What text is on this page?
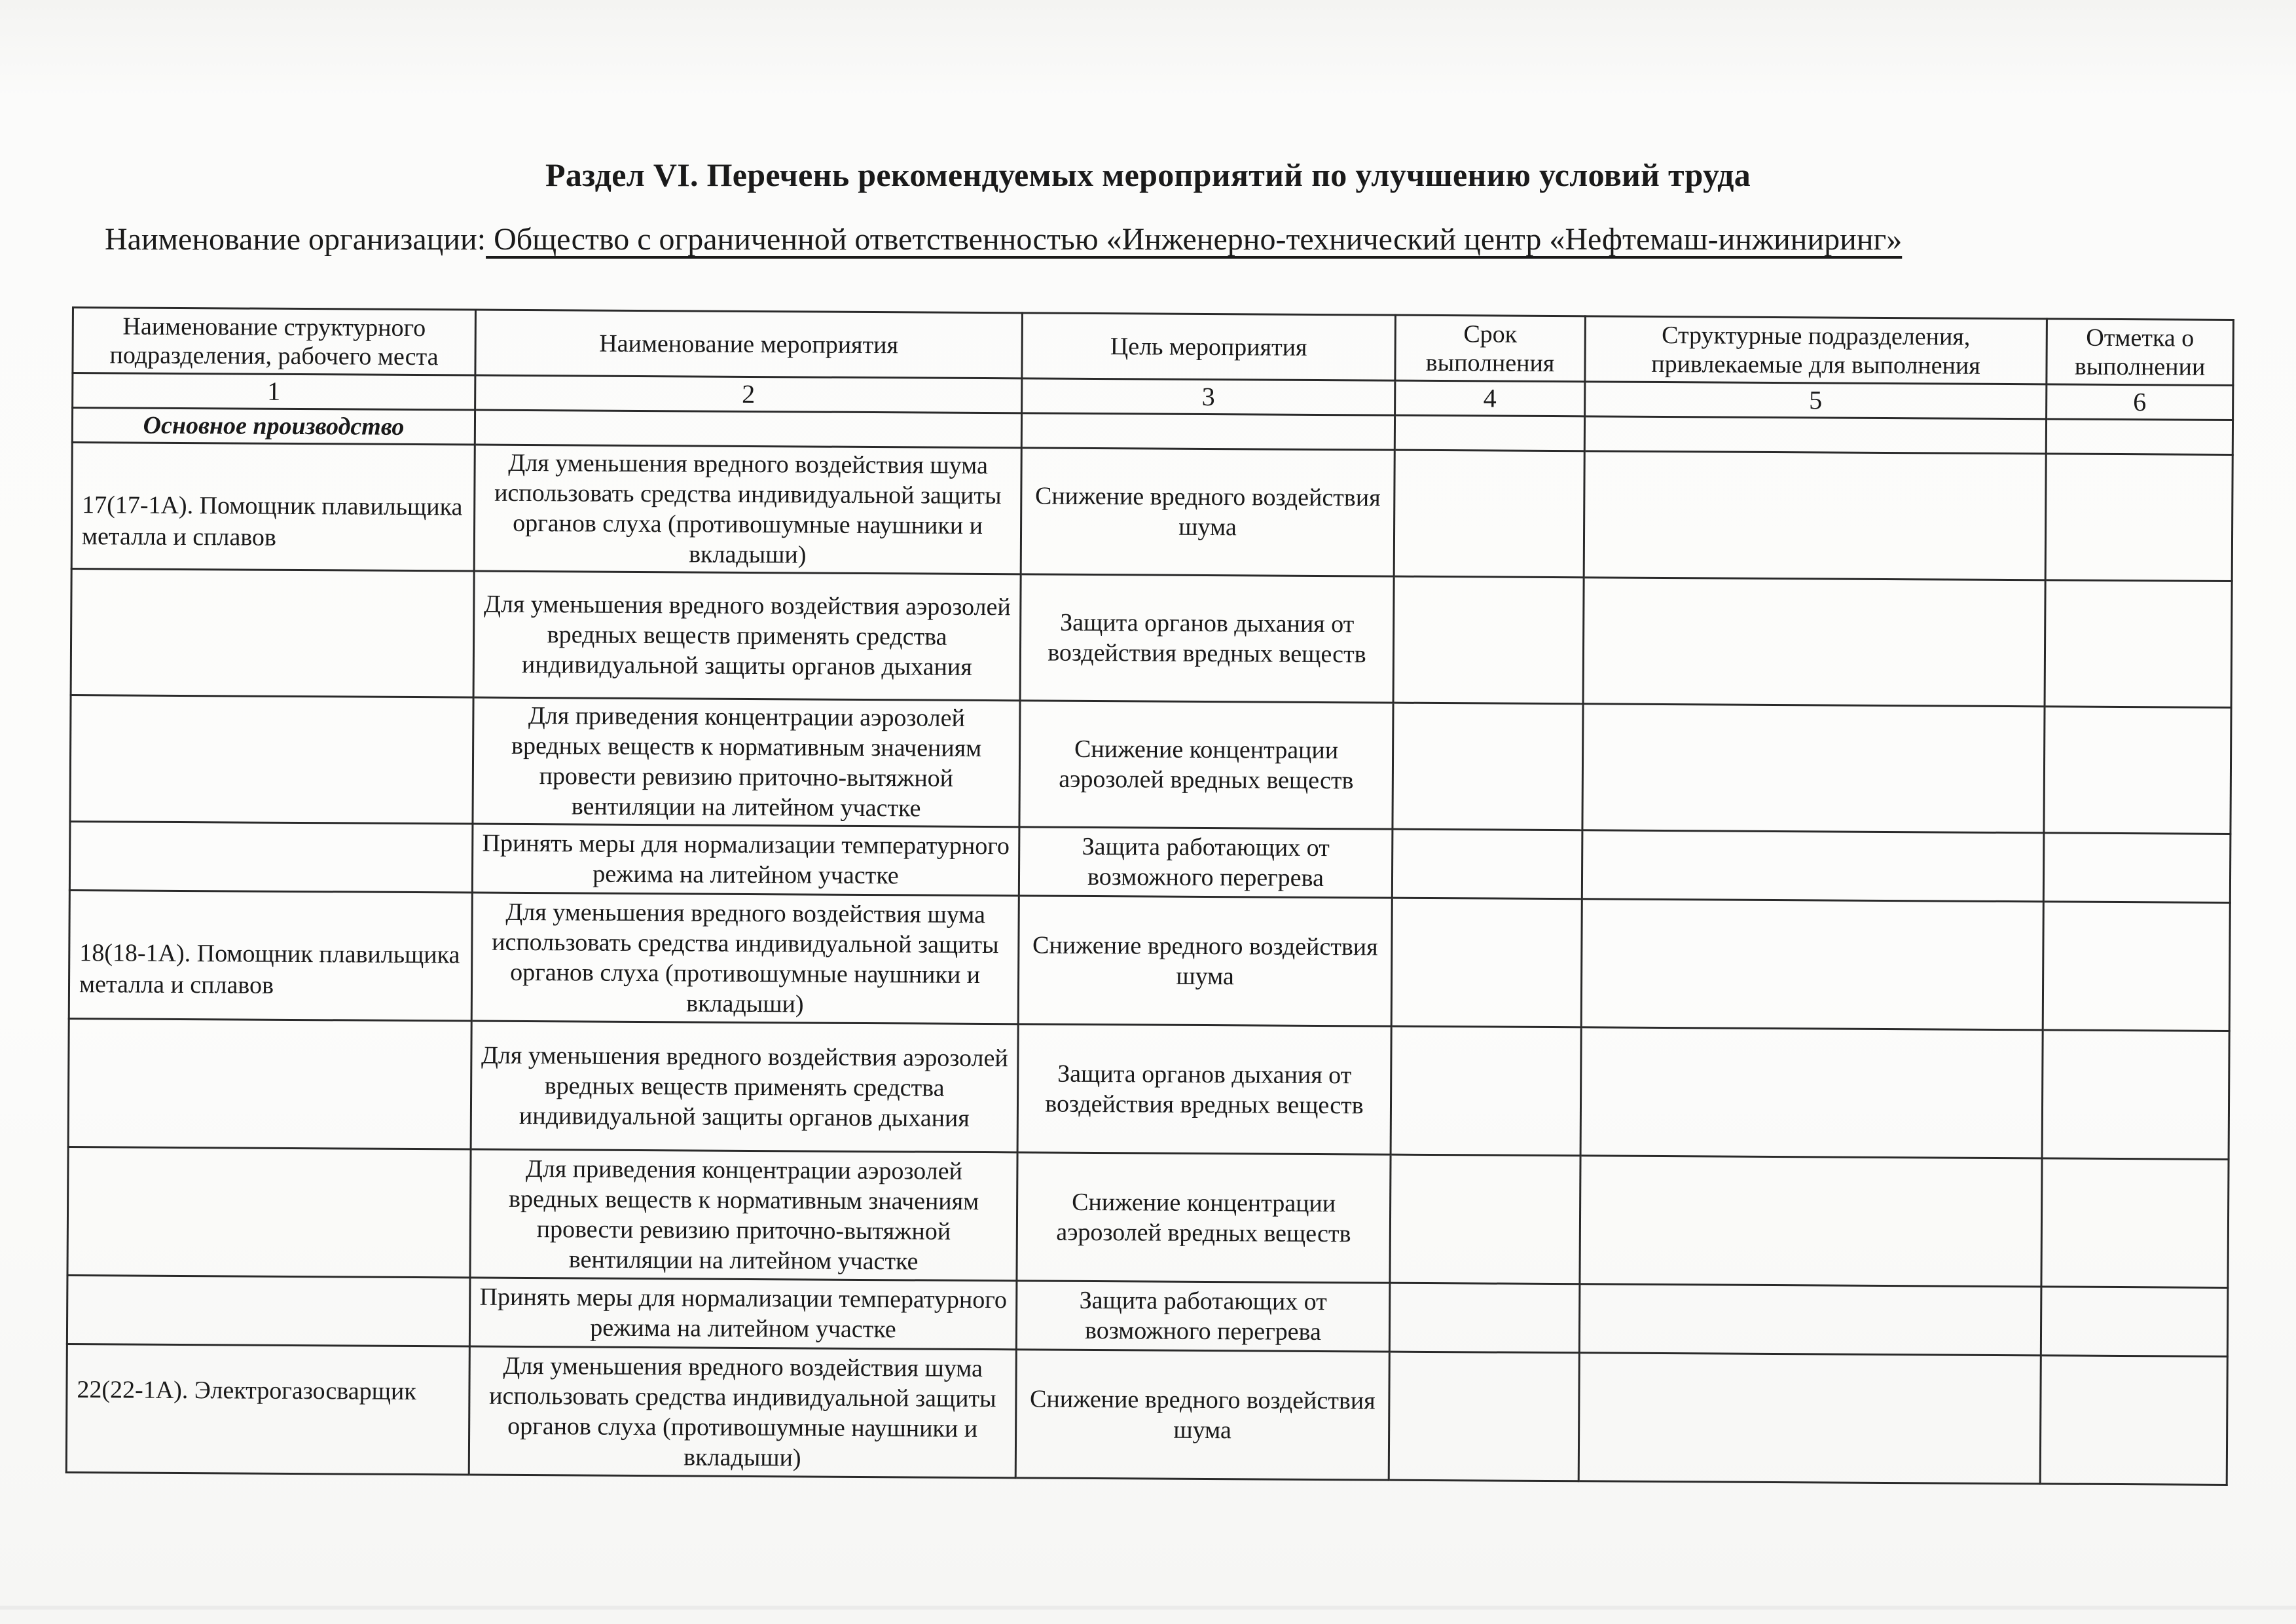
Раздел VI. Перечень рекомендуемых мероприятий по улучшению условий труда
Наименование организации: Общество с ограниченной ответственностью «Инженерно-технический центр «Нефтемаш-инжиниринг»
Наименование структурного подразделения, рабочего места	Наименование мероприятия	Цель мероприятия	Срок выполнения	Структурные подразделения, привлекаемые для выполнения	Отметка о выполнении
1	2	3	4	5	6
Основное производство					
17(17-1А). Помощник плавильщика металла и сплавов	Для уменьшения вредного воздействия шума использовать средства индивидуальной защиты органов слуха (противошумные наушники и вкладыши)	Снижение вредного воздействия шума			
	Для уменьшения вредного воздействия аэрозолей вредных веществ применять средства индивидуальной защиты органов дыхания	Защита органов дыхания от воздействия вредных веществ			
	Для приведения концентрации аэрозолей вредных веществ к нормативным значениям провести ревизию приточно-вытяжной вентиляции на литейном участке	Снижение концентрации аэрозолей вредных веществ			
	Принять меры для нормализации температурного режима на литейном участке	Защита работающих от возможного перегрева			
18(18-1А). Помощник плавильщика металла и сплавов	Для уменьшения вредного воздействия шума использовать средства индивидуальной защиты органов слуха (противошумные наушники и вкладыши)	Снижение вредного воздействия шума			
	Для уменьшения вредного воздействия аэрозолей вредных веществ применять средства индивидуальной защиты органов дыхания	Защита органов дыхания от воздействия вредных веществ			
	Для приведения концентрации аэрозолей вредных веществ к нормативным значениям провести ревизию приточно-вытяжной вентиляции на литейном участке	Снижение концентрации аэрозолей вредных веществ			
	Принять меры для нормализации температурного режима на литейном участке	Защита работающих от возможного перегрева			
22(22-1А). Электрогазосварщик	Для уменьшения вредного воздействия шума использовать средства индивидуальной защиты органов слуха (противошумные наушники и вкладыши)	Снижение вредного воздействия шума			
